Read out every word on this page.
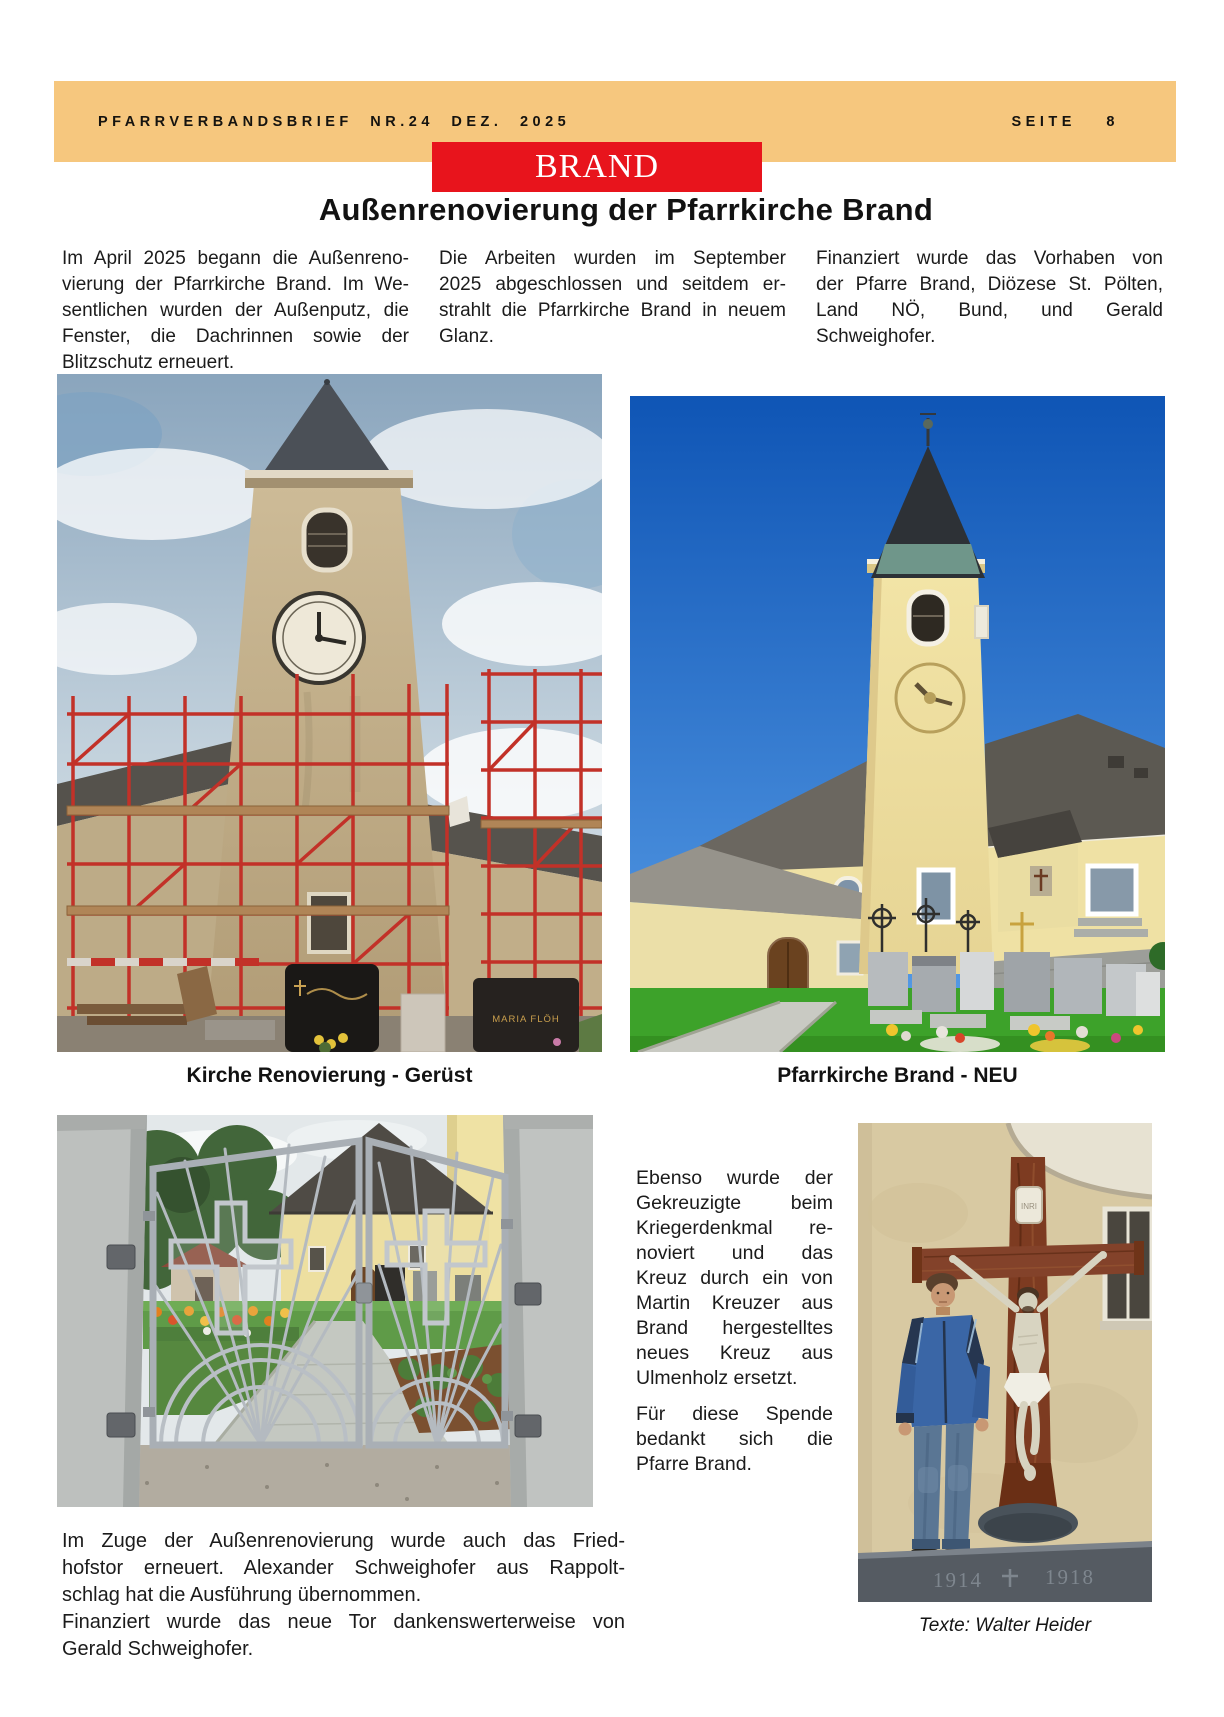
PFARRVERBANDSBRIEF NR.24 DEZ. 2025	SEITE 8
BRAND
Außenrenovierung der Pfarrkirche Brand
Im April 2025 begann die Außenreno-
vierung der Pfarrkirche Brand. Im We-
sentlichen wurden der Außenputz, die
Fenster, die Dachrinnen sowie der
Blitzschutz erneuert.
Die Arbeiten wurden im September
2025 abgeschlossen und seitdem er-
strahlt die Pfarrkirche Brand in neuem
Glanz.
Finanziert wurde das Vorhaben von
der Pfarre Brand, Diözese St. Pölten,
Land NÖ, Bund, und Gerald
Schweighofer.
MARIA FLÖH
Kirche Renovierung - Gerüst	Pfarrkirche Brand - NEU
Ebenso wurde der
Gekreuzigte beim
Kriegerdenkmal re-
noviert und das
Kreuz durch ein von
Martin Kreuzer aus
Brand hergestelltes
neues Kreuz aus
Ulmenholz ersetzt.
Für diese Spende
bedankt sich die
Pfarre Brand.
INRI
1914	1918
Im Zuge der Außenrenovierung wurde auch das Fried-
hofstor erneuert. Alexander Schweighofer aus Rappolt-
schlag hat die Ausführung übernommen.
Finanziert wurde das neue Tor dankenswerterweise von
Gerald Schweighofer.
Texte: Walter Heider
